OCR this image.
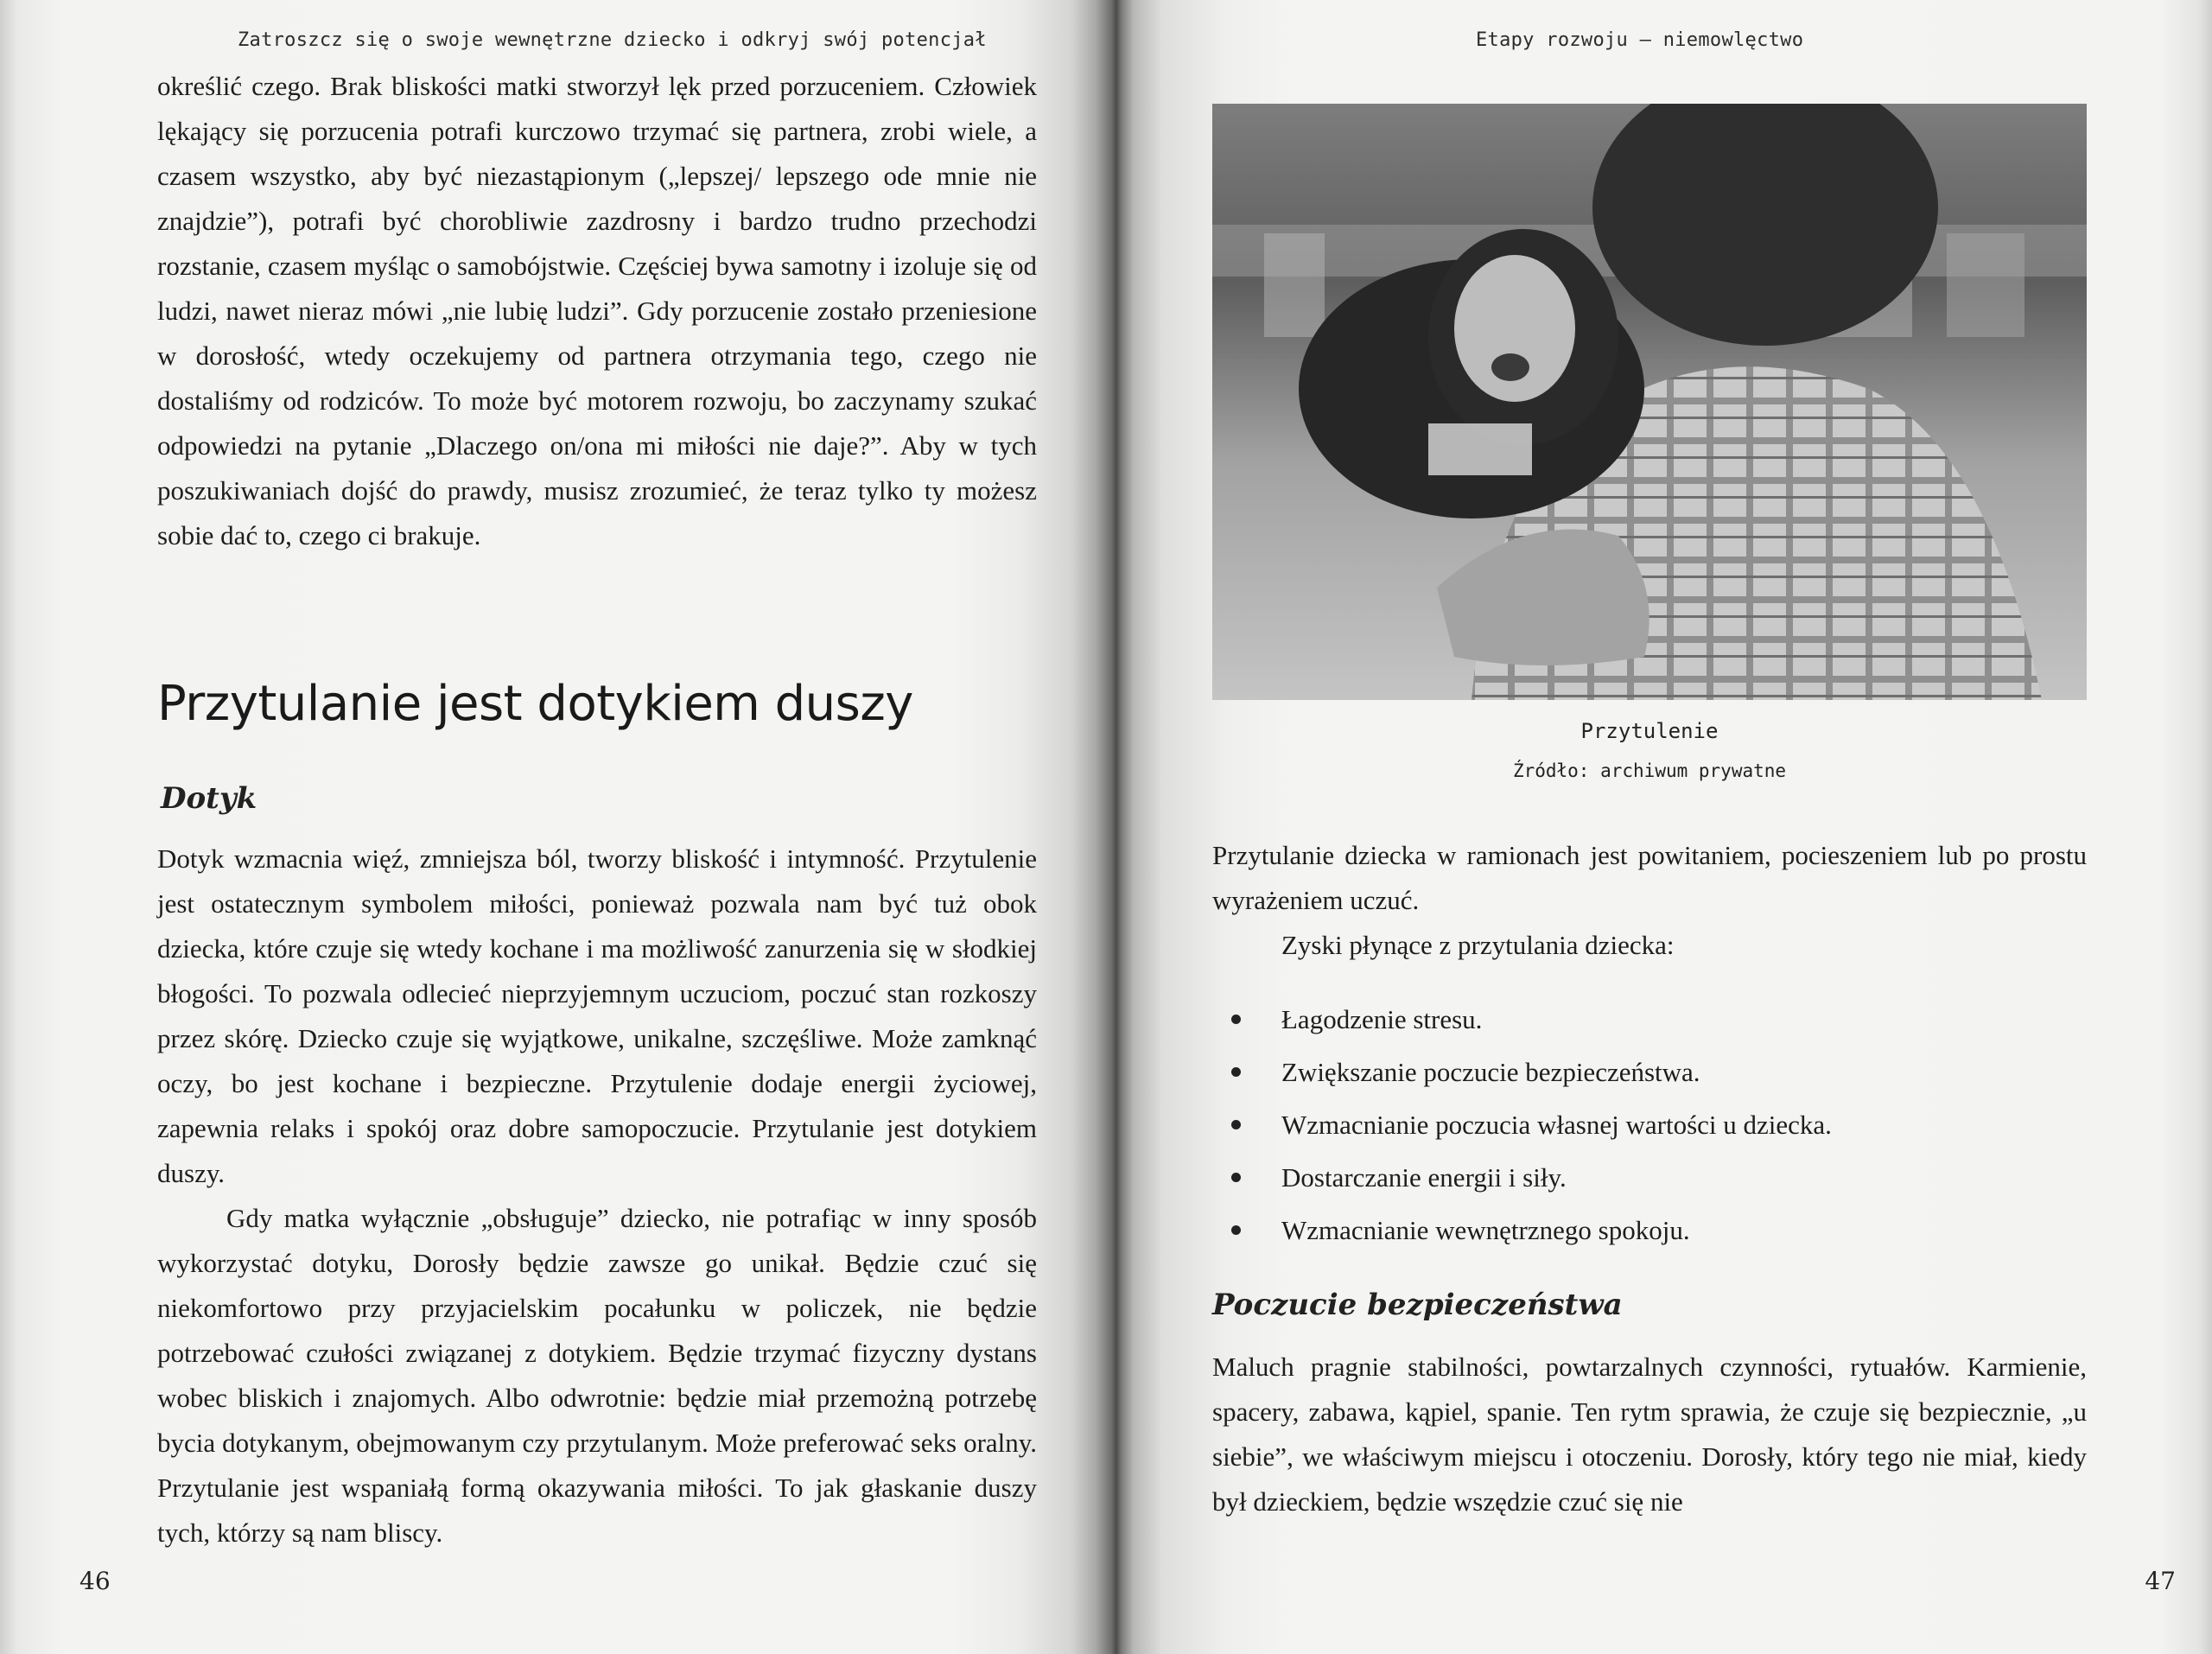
Zatroszcz się o swoje wewnętrzne dziecko i odkryj swój potencjał

określić czego. Brak bliskości matki stworzył lęk przed porzuceniem. Człowiek lękający się porzucenia potrafi kurczowo trzymać się partnera, zrobi wiele, a czasem wszystko, aby być niezastąpionym („lepszej/ lepszego ode mnie nie znajdzie”), potrafi być chorobliwie zazdrosny i bardzo trudno przechodzi rozstanie, czasem myśląc o samobójstwie. Częściej bywa samotny i izoluje się od ludzi, nawet nieraz mówi „nie lubię ludzi”. Gdy porzucenie zostało przeniesione w dorosłość, wtedy oczekujemy od partnera otrzymania tego, czego nie dostaliśmy od rodziców. To może być motorem rozwoju, bo zaczynamy szukać odpowiedzi na pytanie „Dlaczego on/ona mi miłości nie daje?”. Aby w tych poszukiwaniach dojść do prawdy, musisz zrozumieć, że teraz tylko ty możesz sobie dać to, czego ci brakuje.

Przytulanie jest dotykiem duszy
Dotyk

Dotyk wzmacnia więź, zmniejsza ból, tworzy bliskość i intymność. Przytulenie jest ostatecznym symbolem miłości, ponieważ pozwala nam być tuż obok dziecka, które czuje się wtedy kochane i ma możliwość zanurzenia się w słodkiej błogości. To pozwala odlecieć nieprzyjemnym uczuciom, poczuć stan rozkoszy przez skórę. Dziecko czuje się wyjątkowe, unikalne, szczęśliwe. Może zamknąć oczy, bo jest kochane i bezpieczne. Przytulenie dodaje energii życiowej, zapewnia relaks i spokój oraz dobre samopoczucie. Przytulanie jest dotykiem duszy.

Gdy matka wyłącznie „obsługuje” dziecko, nie potrafiąc w inny sposób wykorzystać dotyku, Dorosły będzie zawsze go unikał. Będzie czuć się niekomfortowo przy przyjacielskim pocałunku w policzek, nie będzie potrzebować czułości związanej z dotykiem. Będzie trzymać fizyczny dystans wobec bliskich i znajomych. Albo odwrotnie: będzie miał przemożną potrzebę bycia dotykanym, obejmowanym czy przytulanym. Może preferować seks oralny. Przytulanie jest wspaniałą formą okazywania miłości. To jak głaskanie duszy tych, którzy są nam bliscy.

46
Etapy rozwoju — niemowlęctwo
Przytulenie
Źródło: archiwum prywatne

Przytulanie dziecka w ramionach jest powitaniem, pocieszeniem lub po prostu wyrażeniem uczuć.

Zyski płynące z przytulania dziecka:

Łagodzenie stresu.
Zwiększanie poczucie bezpieczeństwa.
Wzmacnianie poczucia własnej wartości u dziecka.
Dostarczanie energii i siły.
Wzmacnianie wewnętrznego spokoju.
Poczucie bezpieczeństwa

Maluch pragnie stabilności, powtarzalnych czynności, rytuałów. Karmienie, spacery, zabawa, kąpiel, spanie. Ten rytm sprawia, że czuje się bezpiecznie, „u siebie”, we właściwym miejscu i otoczeniu. Dorosły, który tego nie miał, kiedy był dzieckiem, będzie wszędzie czuć się nie

47
